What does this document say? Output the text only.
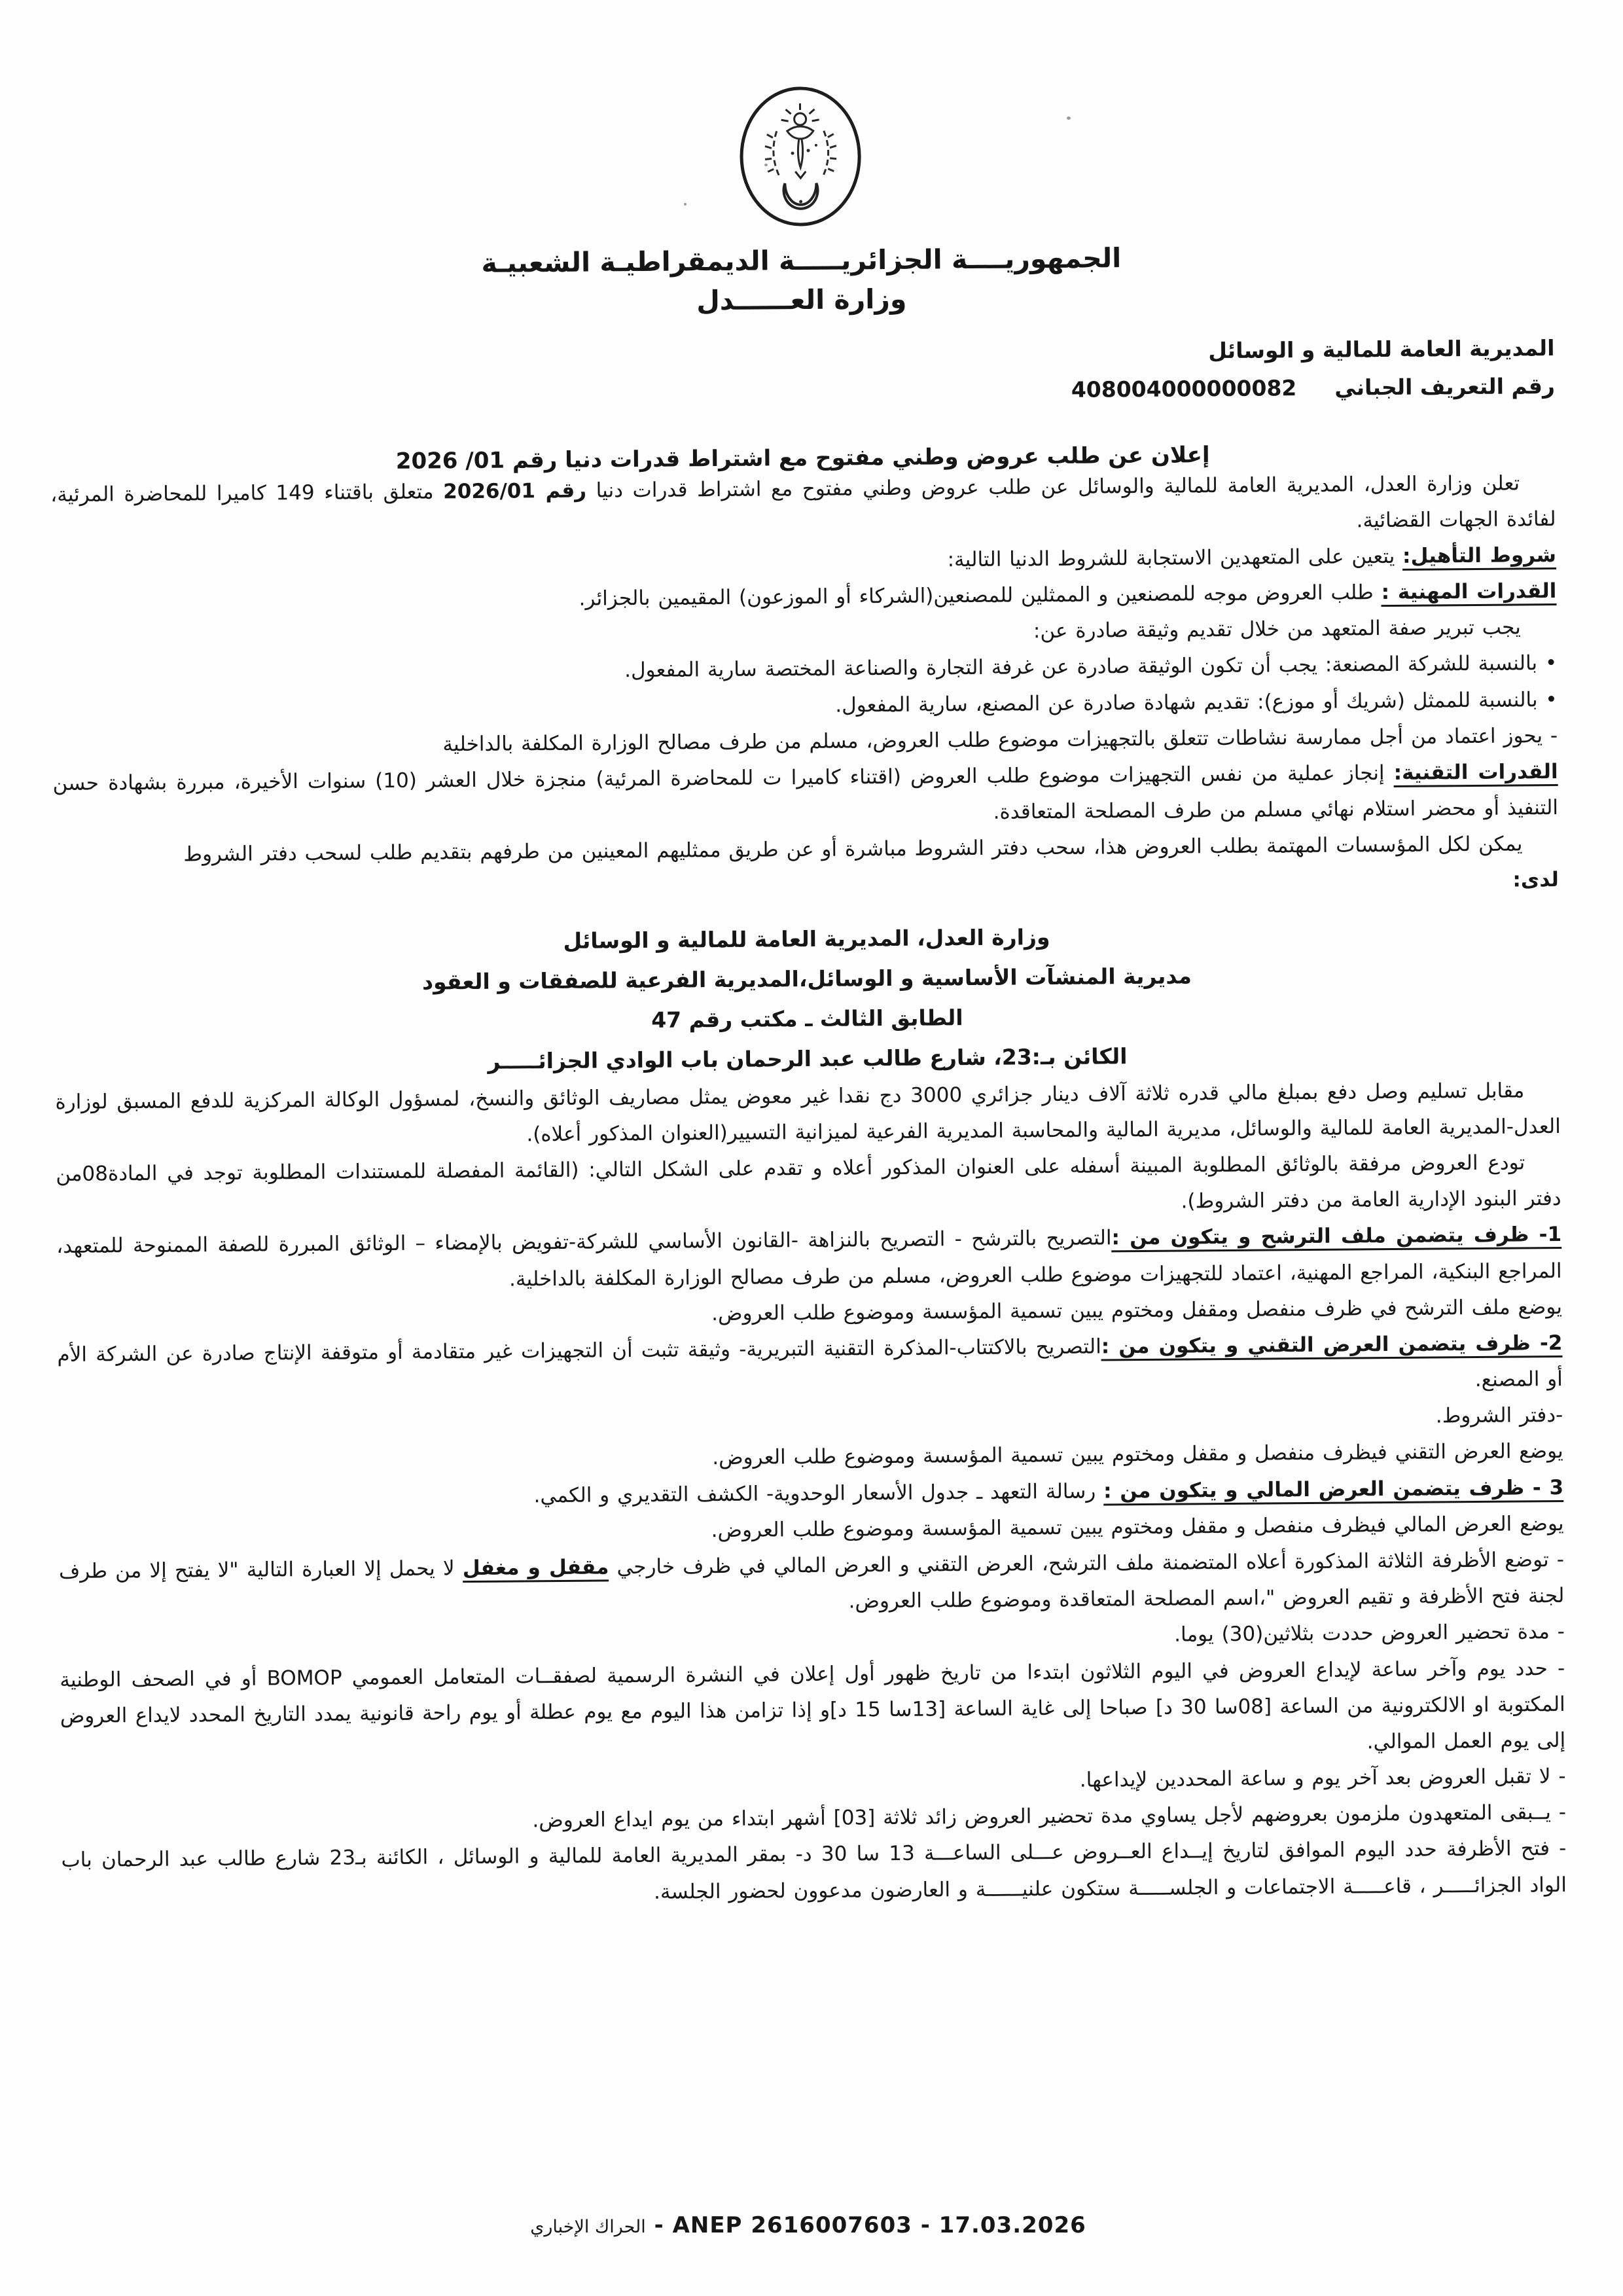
الجمهوريــــة الجزائريـــــة الديمقراطيـة الشعبيـة
وزارة العــــــدل
المديرية العامة للمالية و الوسائل
رقم التعريف الجباني408004000000082
إعلان عن طلب عروض وطني مفتوح مع اشتراط قدرات دنيا رقم 01/ 2026

تعلن وزارة العدل، المديرية العامة للمالية والوسائل عن طلب عروض وطني مفتوح مع اشتراط قدرات دنيا رقم 2026/01 متعلق باقتناء 149 كاميرا للمحاضرة المرئية، لفائدة الجهات القضائية.

شروط التأهيل: يتعين على المتعهدين الاستجابة للشروط الدنيا التالية:

القدرات المهنية : طلب العروض موجه للمصنعين و الممثلين للمصنعين(الشركاء أو الموزعون) المقيمين بالجزائر.

يجب تبرير صفة المتعهد من خلال تقديم وثيقة صادرة عن:

• بالنسبة للشركة المصنعة: يجب أن تكون الوثيقة صادرة عن غرفة التجارة والصناعة المختصة سارية المفعول.

• بالنسبة للممثل (شريك أو موزع): تقديم شهادة صادرة عن المصنع، سارية المفعول.

- يحوز اعتماد من أجل ممارسة نشاطات تتعلق بالتجهيزات موضوع طلب العروض، مسلم من طرف مصالح الوزارة المكلفة بالداخلية

القدرات التقنية: إنجاز عملية من نفس التجهيزات موضوع طلب العروض (اقتناء كاميرا ت للمحاضرة المرئية) منجزة خلال العشر (10) سنوات الأخيرة، مبررة بشهادة حسن التنفيذ أو محضر استلام نهائي مسلم من طرف المصلحة المتعاقدة.

يمكن لكل المؤسسات المهتمة بطلب العروض هذا، سحب دفتر الشروط مباشرة أو عن طريق ممثليهم المعينين من طرفهم بتقديم طلب لسحب دفتر الشروط

لدى:

وزارة العدل، المديرية العامة للمالية و الوسائل
مديرية المنشآت الأساسية و الوسائل،المديرية الفرعية للصفقات و العقود
الطابق الثالث ـ مكتب رقم 47
الكائن بـ:23، شارع طالب عبد الرحمان باب الوادي الجزائـــــر

مقابل تسليم وصل دفع بمبلغ مالي قدره ثلاثة آلاف دينار جزائري 3000 دج نقدا غير معوض يمثل مصاريف الوثائق والنسخ، لمسؤول الوكالة المركزية للدفع المسبق لوزارة العدل-المديرية العامة للمالية والوسائل، مديرية المالية والمحاسبة المديرية الفرعية لميزانية التسيير(العنوان المذكور أعلاه).

تودع العروض مرفقة بالوثائق المطلوبة المبينة أسفله على العنوان المذكور أعلاه و تقدم على الشكل التالي: (القائمة المفصلة للمستندات المطلوبة توجد في المادة08من دفتر البنود الإدارية العامة من دفتر الشروط).

1- ظرف يتضمن ملف الترشح و يتكون من :التصريح بالترشح - التصريح بالنزاهة -القانون الأساسي للشركة-تفويض بالإمضاء – الوثائق المبررة للصفة الممنوحة للمتعهد، المراجع البنكية، المراجع المهنية، اعتماد للتجهيزات موضوع طلب العروض، مسلم من طرف مصالح الوزارة المكلفة بالداخلية.

يوضع ملف الترشح في ظرف منفصل ومقفل ومختوم يبين تسمية المؤسسة وموضوع طلب العروض.

2- ظرف يتضمن العرض التقني و يتكون من :التصريح بالاكتتاب-المذكرة التقنية التبريرية- وثيقة تثبت أن التجهيزات غير متقادمة أو متوقفة الإنتاج صادرة عن الشركة الأم أو المصنع.

-دفتر الشروط.

يوضع العرض التقني فيظرف منفصل و مقفل ومختوم يبين تسمية المؤسسة وموضوع طلب العروض.

3 - ظرف يتضمن العرض المالي و يتكون من : رسالة التعهد ـ جدول الأسعار الوحدوية- الكشف التقديري و الكمي.

يوضع العرض المالي فيظرف منفصل و مقفل ومختوم يبين تسمية المؤسسة وموضوع طلب العروض.

- توضع الأظرفة الثلاثة المذكورة أعلاه المتضمنة ملف الترشح، العرض التقني و العرض المالي في ظرف خارجي مقفل و مغفل لا يحمل إلا العبارة التالية "لا يفتح إلا من طرف لجنة فتح الأظرفة و تقيم العروض "،اسم المصلحة المتعاقدة وموضوع طلب العروض.

- مدة تحضير العروض حددت بثلاثين(30) يوما.

- حدد يوم وآخر ساعة لإيداع العروض في اليوم الثلاثون ابتدءا من تاريخ ظهور أول إعلان في النشرة الرسمية لصفقــات المتعامل العمومي BOMOP أو في الصحف الوطنية المكتوبة او الالكترونية من الساعة [08سا 30 د] صباحا إلى غاية الساعة [13سا 15 د]و إذا تزامن هذا اليوم مع يوم عطلة أو يوم راحة قانونية يمدد التاريخ المحدد لايداع العروض إلى يوم العمل الموالي.

- لا تقبل العروض بعد آخر يوم و ساعة المحددين لإيداعها.

- يــبقى المتعهدون ملزمون بعروضهم لأجل يساوي مدة تحضير العروض زائد ثلاثة [03] أشهر ابتداء من يوم ايداع العروض.

- فتح الأظرفة حدد اليوم الموافق لتاريخ إيــداع العــروض عـــلى الساعـــة 13 سا 30 د- بمقر المديرية العامة للمالية و الوسائل ، الكائنة بـ23 شارع طالب عبد الرحمان باب الواد الجزائـــــر ، قاعـــــة الاجتماعات و الجلســـــة ستكون علنيــــــة و العارضون مدعوون لحضور الجلسة.

ANEP 2616007603 - 17.03.2026 - الحراك الإخباري
